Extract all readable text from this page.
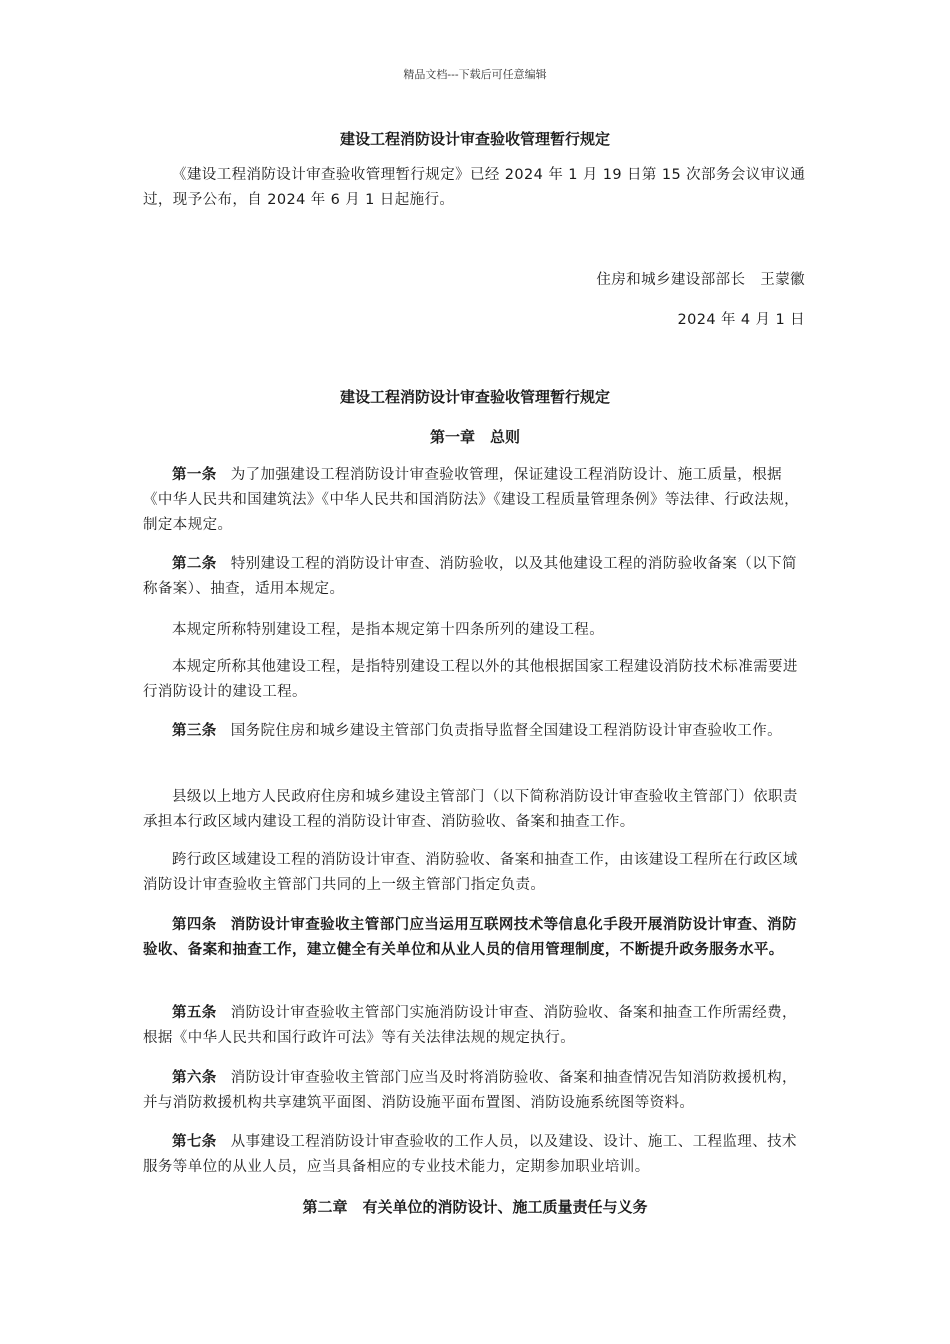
精品文档---下载后可任意编辑
建设工程消防设计审查验收管理暂行规定
《建设工程消防设计审查验收管理暂行规定》已经 2024 年 1 月 19 日第 15 次部务会议审议通过，现予公布，自 2024 年 6 月 1 日起施行。
住房和城乡建设部部长　王蒙徽
2024 年 4 月 1 日
建设工程消防设计审查验收管理暂行规定
第一章　总则
第一条 为了加强建设工程消防设计审查验收管理，保证建设工程消防设计、施工质量，根据《中华人民共和国建筑法》《中华人民共和国消防法》《建设工程质量管理条例》等法律、行政法规，制定本规定。
第二条 特别建设工程的消防设计审查、消防验收，以及其他建设工程的消防验收备案（以下简称备案）、抽查，适用本规定。
本规定所称特别建设工程，是指本规定第十四条所列的建设工程。
本规定所称其他建设工程，是指特别建设工程以外的其他根据国家工程建设消防技术标准需要进行消防设计的建设工程。
第三条 国务院住房和城乡建设主管部门负责指导监督全国建设工程消防设计审查验收工作。
县级以上地方人民政府住房和城乡建设主管部门（以下简称消防设计审查验收主管部门）依职责承担本行政区域内建设工程的消防设计审查、消防验收、备案和抽查工作。
跨行政区域建设工程的消防设计审查、消防验收、备案和抽查工作，由该建设工程所在行政区域消防设计审查验收主管部门共同的上一级主管部门指定负责。
第四条 消防设计审查验收主管部门应当运用互联网技术等信息化手段开展消防设计审查、消防验收、备案和抽查工作，建立健全有关单位和从业人员的信用管理制度，不断提升政务服务水平。
第五条 消防设计审查验收主管部门实施消防设计审查、消防验收、备案和抽查工作所需经费，根据《中华人民共和国行政许可法》等有关法律法规的规定执行。
第六条 消防设计审查验收主管部门应当及时将消防验收、备案和抽查情况告知消防救援机构，并与消防救援机构共享建筑平面图、消防设施平面布置图、消防设施系统图等资料。
第七条 从事建设工程消防设计审查验收的工作人员，以及建设、设计、施工、工程监理、技术服务等单位的从业人员，应当具备相应的专业技术能力，定期参加职业培训。
第二章　有关单位的消防设计、施工质量责任与义务
